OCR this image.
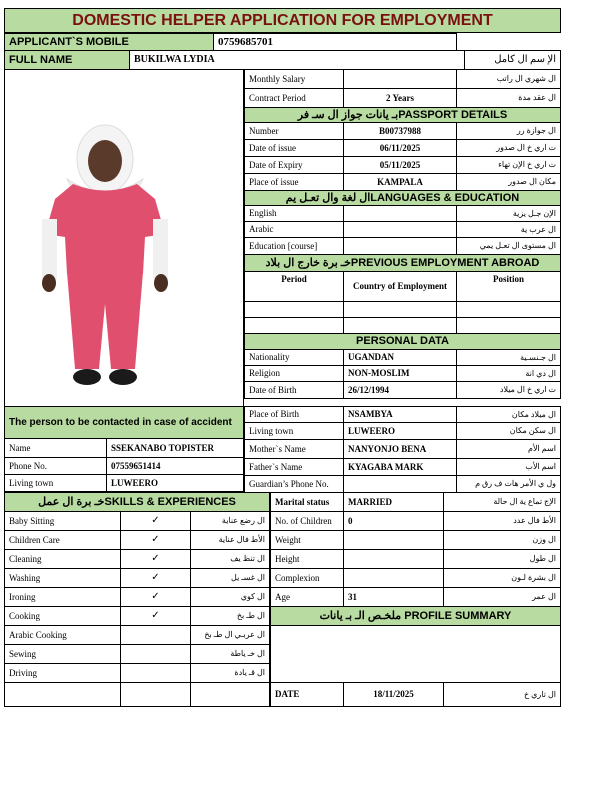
DOMESTIC HELPER APPLICATION FOR EMPLOYMENT
APPLICANT`S MOBILE	0759685701
FULL NAME	BUKILWA LYDIA	الإ سم ال كامل
Monthly Salary		ال شهري ال راتب
Contract Period	2 Years	ال عقد مدة
بـ يانات جواز ال سـ فرPASSPORT DETAILS		
Number	B00737988	ال جوازة رر
Date of issue	06/11/2025	ت اري خ ال صدور
Date of Expiry	05/11/2025	ت اري خ الإن تهاء
Place of issue	KAMPALA	مكان ال صدور
ال لغة وال تعـل يمLANGUAGES & EDUCATION		
English		الإن جـل يزية
Arabic		ال عرب ية
Education [course]		ال مستوى ال تعـل يمي
خـ برة خارج ال بلادPREVIOUS EMPLOYMENT ABROAD		
Period	Country of Employment	Position

PERSONAL DATA		
Nationality	UGANDAN	ال جـنسـية
Religion	NON-MOSLIM	ال دي انة
Date of Birth	26/12/1994	ت اري خ ال ميلاد
Place of Birth	NSAMBYA	ال ميلاد مكان
Living town	LUWEERO	ال سكن مكان
Mother`s Name	NANYONJO BENA	اسم الأم
Father`s Name	KYAGABA MARK	اسم الأب
Guardian’s Phone No.		ول ي الأمر هات ف رق م
The person to be contacted in case of accident	
Name	SSEKANABO TOPISTER
Phone No.	07559651414
Living town	LUWEERO
خـ برة ال عملSKILLS & EXPERIENCES		
Baby Sitting	✓	ال رضع عناية
Children Care	✓	الأط فال عناية
Cleaning	✓	ال تنظ يف
Washing	✓	ال غسـ يل
Ironing	✓	ال كوي
Cooking	✓	ال طـ بخ
Arabic Cooking		ال عربـي ال طـ بخ
Sewing		ال خـ ياطة
Driving		ال قـ يادة

Marital status	MARRIED	الإج تماع ية ال حالة
No. of Children	0	الأط فال عدد
Weight		ال وزن
Height		ال طول
Complexion		ال بشرة لـون
Age	31	ال عمر
ملخـص الـ بـ يانات PROFILE SUMMARY		

DATE	18/11/2025	ال تاري خ
